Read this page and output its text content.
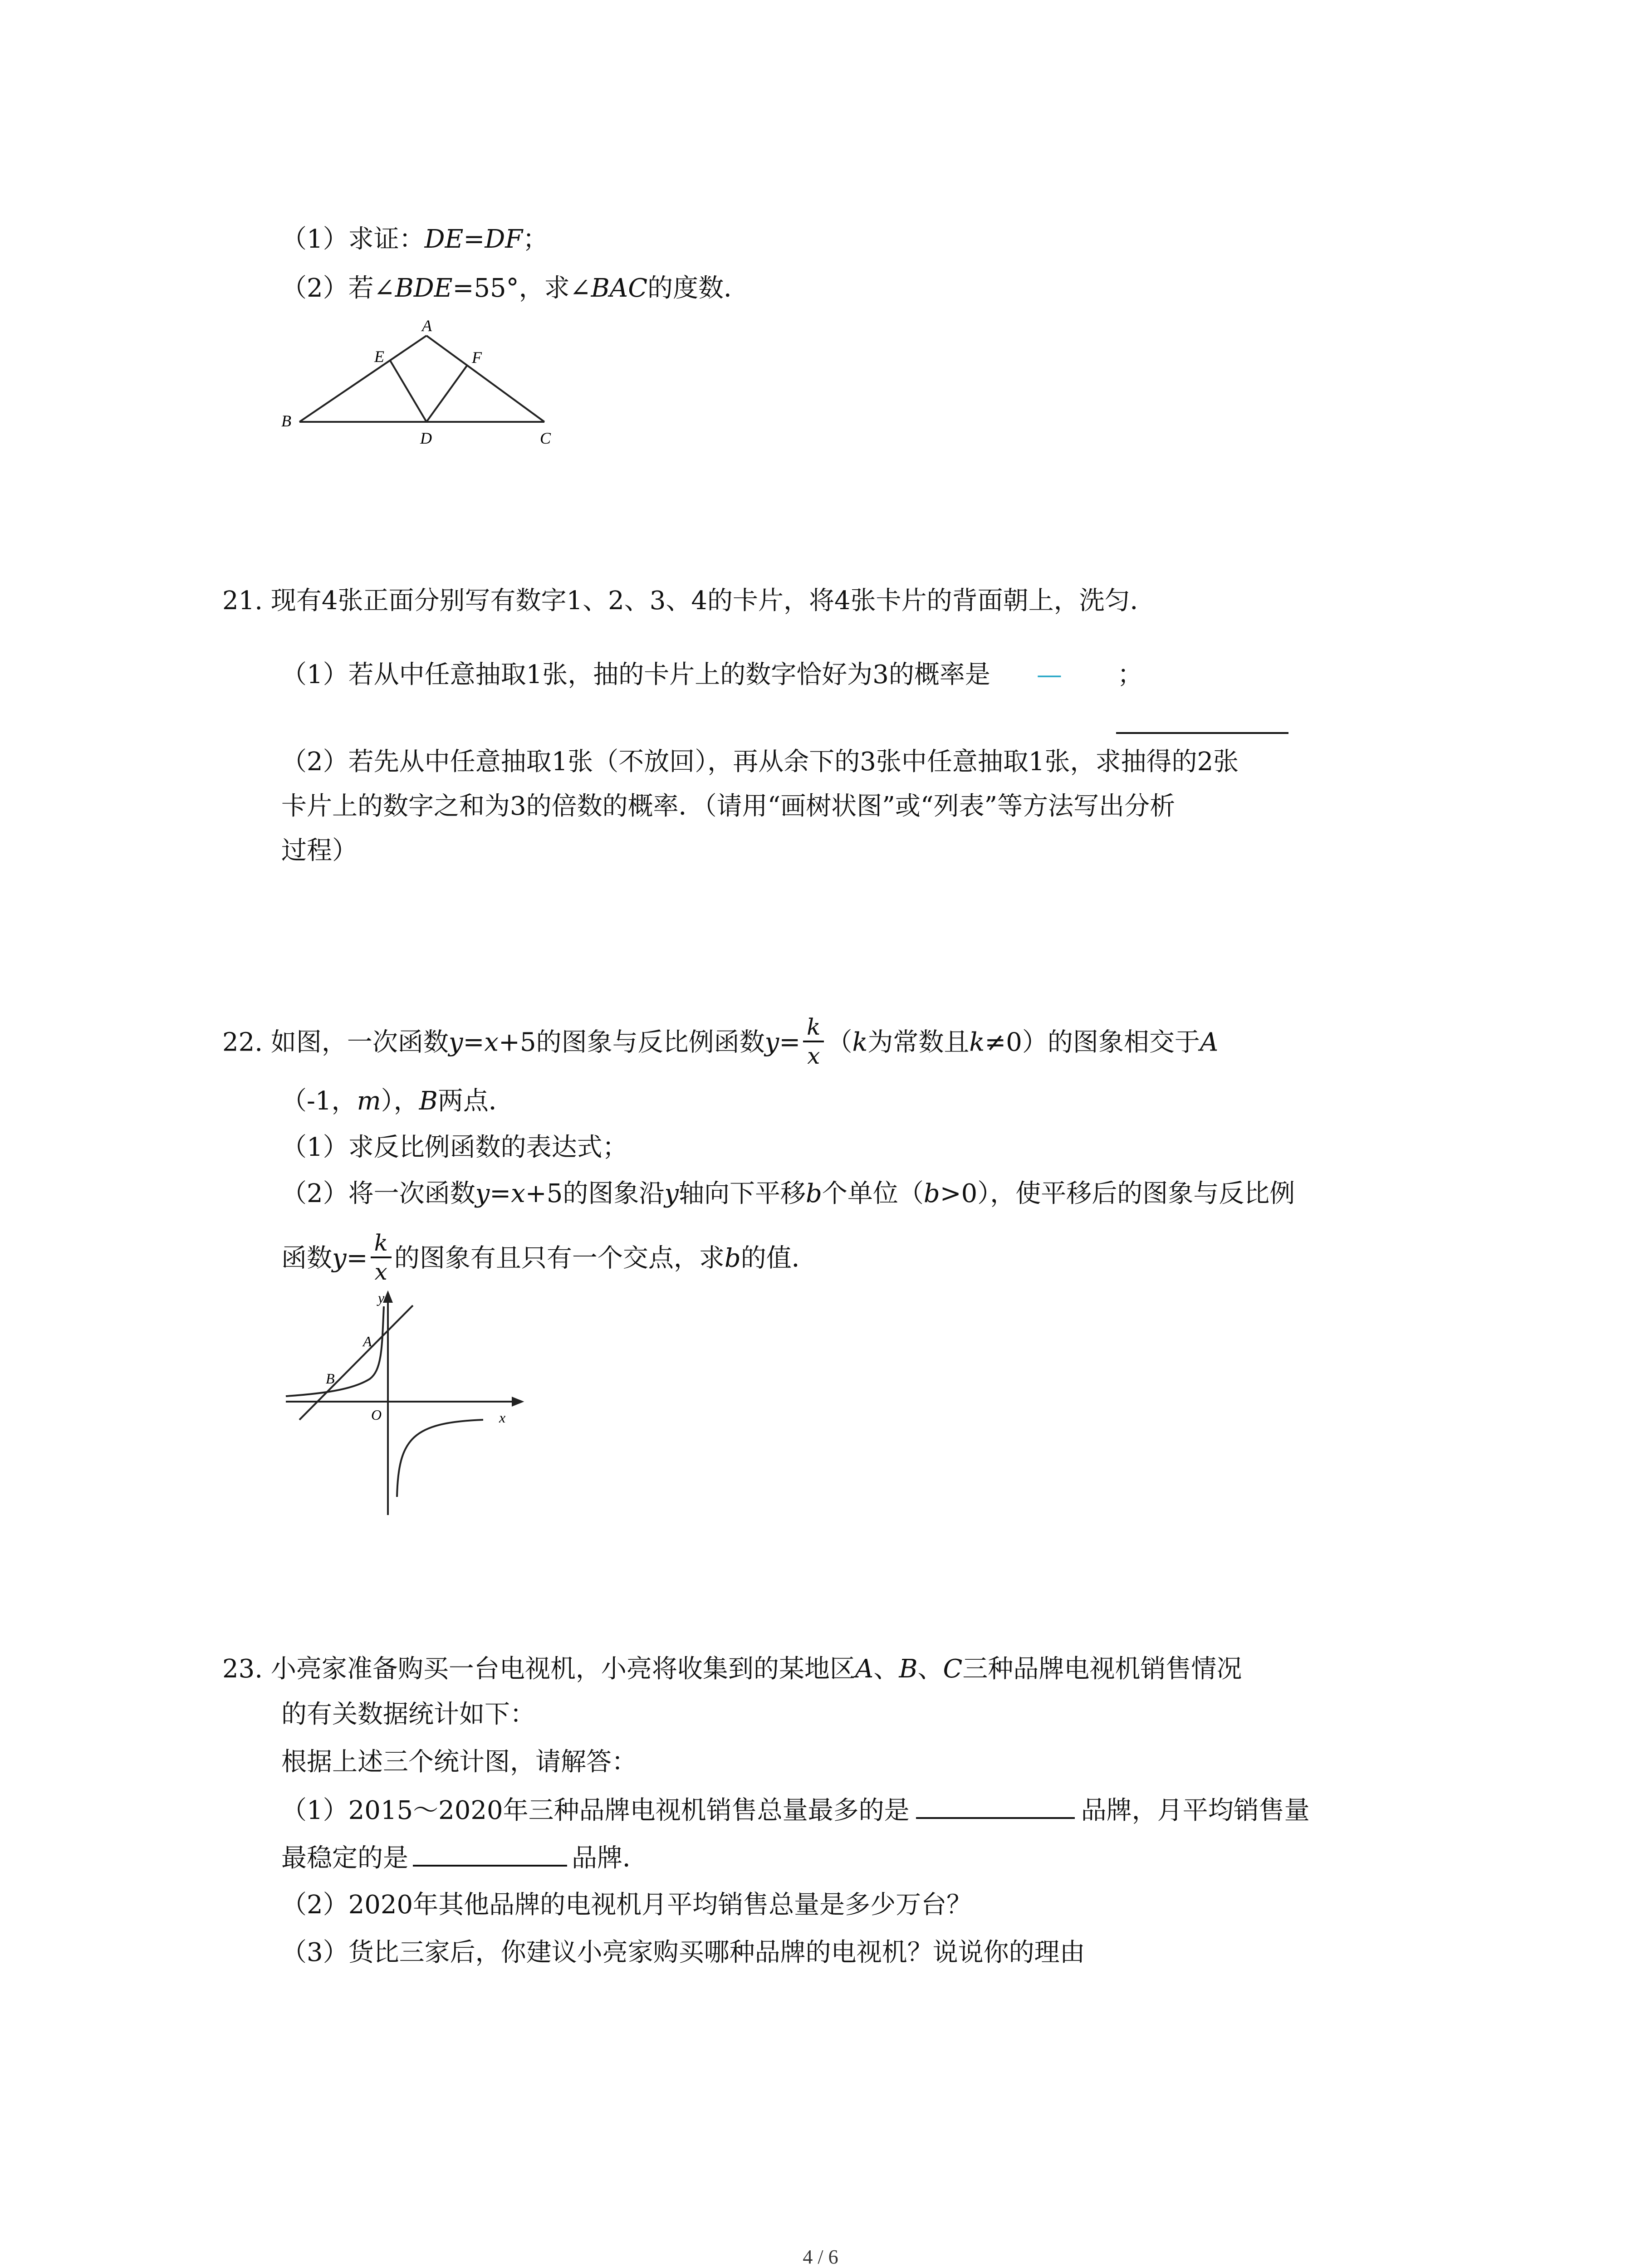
（1）求证：DE=DF；
（2）若∠BDE=55°，求∠BAC的度数．
A
E	F
B
D	C
21. 现有4张正面分别写有数字1、2、3、4的卡片，将4张卡片的背面朝上，洗匀．
（1）若从中任意抽取1张，抽的卡片上的数字恰好为3的概率是 — ；
（2）若先从中任意抽取1张（不放回），再从余下的3张中任意抽取1张，求抽得的2张
卡片上的数字之和为3的倍数的概率．（请用“画树状图”或“列表”等方法写出分析
过程）
22. 如图，一次函数y=x+5的图象与反比例函数$y= \frac{k}{x} (k$为常数且k≠0）的图象相交于A
（-1，m），B两点．
（1）求反比例函数的表达式；
（2）将一次函数y=x+5的图象沿y轴向下平移b个单位（b>0），使平移后的图象与反比例
函数$y= \frac{k}{x}$ 的图象有且只有一个交点，求b的值．
y
x
O
A
B
23. 小亮家准备购买一台电视机，小亮将收集到的某地区A、B、C三种品牌电视机销售情况
的有关数据统计如下：
根据上述三个统计图，请解答：
（1）2015～2020年三种品牌电视机销售总量最多的是	品牌，月平均销售量
最稳定的是	品牌．
（2）2020年其他品牌的电视机月平均销售总量是多少万台？
（3）货比三家后，你建议小亮家购买哪种品牌的电视机？说说你的理由
4 / 6
